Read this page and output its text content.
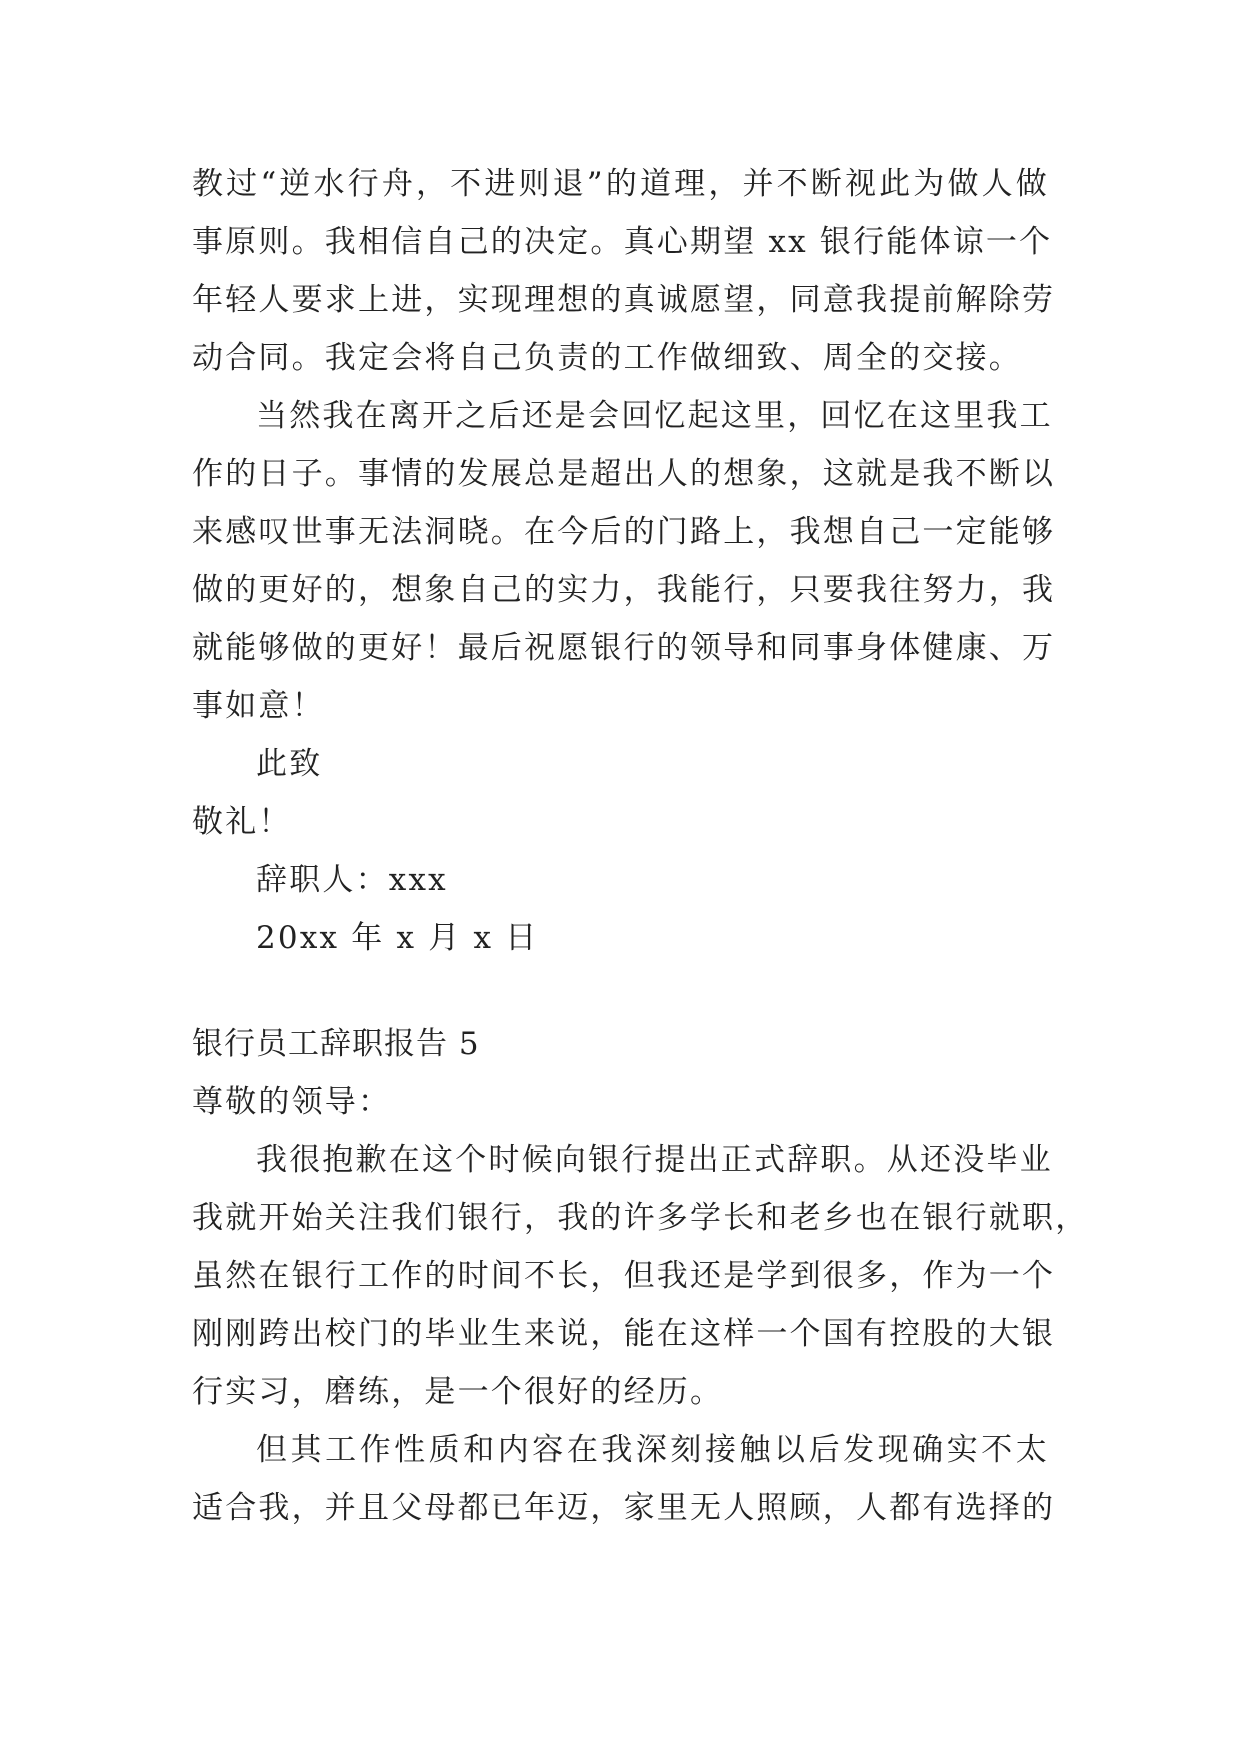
教过“逆水行舟，不进则退”的道理，并不断视此为做人做
事原则。我相信自己的决定。真心期望 xx 银行能体谅一个
年轻人要求上进，实现理想的真诚愿望，同意我提前解除劳
动合同。我定会将自己负责的工作做细致、周全的交接。
当然我在离开之后还是会回忆起这里，回忆在这里我工
作的日子。事情的发展总是超出人的想象，这就是我不断以
来感叹世事无法洞晓。在今后的门路上，我想自己一定能够
做的更好的，想象自己的实力，我能行，只要我往努力，我
就能够做的更好！最后祝愿银行的领导和同事身体健康、万
事如意！
此致
敬礼！
辞职人：xxx
20xx 年 x 月 x 日
银行员工辞职报告 5
尊敬的领导：
我很抱歉在这个时候向银行提出正式辞职。从还没毕业
我就开始关注我们银行，我的许多学长和老乡也在银行就职，
虽然在银行工作的时间不长，但我还是学到很多，作为一个
刚刚跨出校门的毕业生来说，能在这样一个国有控股的大银
行实习，磨练，是一个很好的经历。
但其工作性质和内容在我深刻接触以后发现确实不太
适合我，并且父母都已年迈，家里无人照顾，人都有选择的
